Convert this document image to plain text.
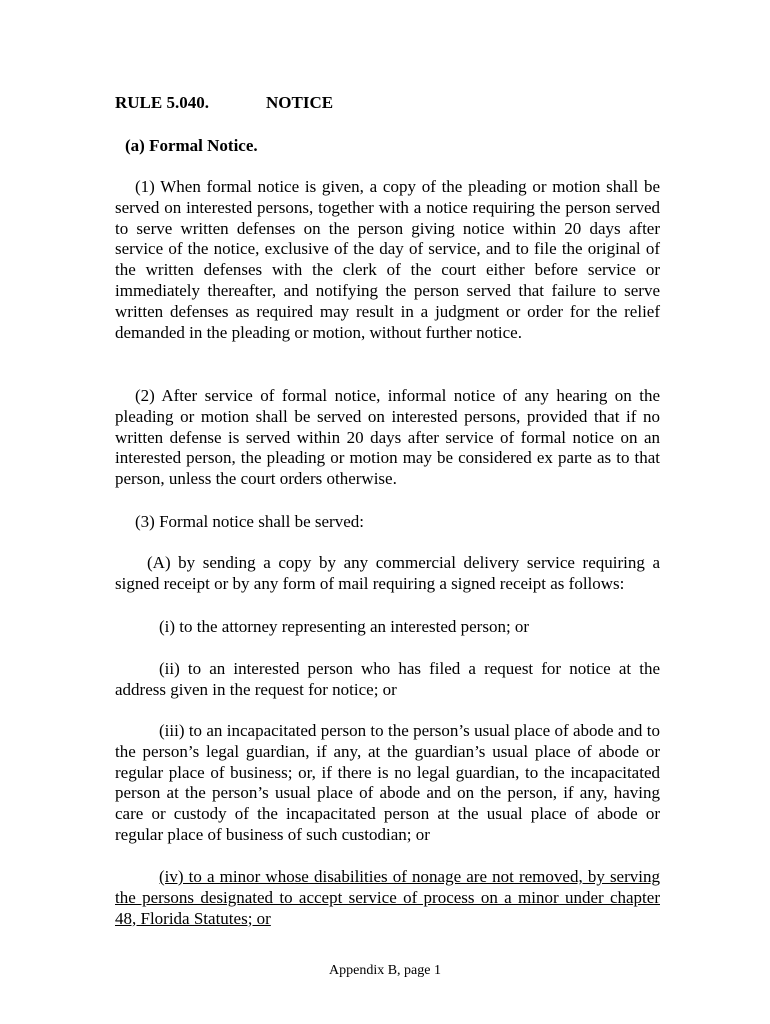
RULE 5.040.	NOTICE
(a) Formal Notice.
(1) When formal notice is given, a copy of the pleading or motion shall be served on interested persons, together with a notice requiring the person served to serve written defenses on the person giving notice within 20 days after service of the notice, exclusive of the day of service, and to file the original of the written defenses with the clerk of the court either before service or immediately thereafter, and notifying the person served that failure to serve written defenses as required may result in a judgment or order for the relief demanded in the pleading or motion, without further notice.
(2) After service of formal notice, informal notice of any hearing on the pleading or motion shall be served on interested persons, provided that if no written defense is served within 20 days after service of formal notice on an interested person, the pleading or motion may be considered ex parte as to that person, unless the court orders otherwise.
(3) Formal notice shall be served:
(A) by sending a copy by any commercial delivery service requiring a signed receipt or by any form of mail requiring a signed receipt as follows:
(i) to the attorney representing an interested person; or
(ii) to an interested person who has filed a request for notice at the address given in the request for notice; or
(iii) to an incapacitated person to the person’s usual place of abode and to the person’s legal guardian, if any, at the guardian’s usual place of abode or regular place of business; or, if there is no legal guardian, to the incapacitated person at the person’s usual place of abode and on the person, if any, having care or custody of the incapacitated person at the usual place of abode or regular place of business of such custodian; or
(iv) to a minor whose disabilities of nonage are not removed, by serving the persons designated to accept service of process on a minor under chapter 48, Florida Statutes; or
Appendix B, page 1
